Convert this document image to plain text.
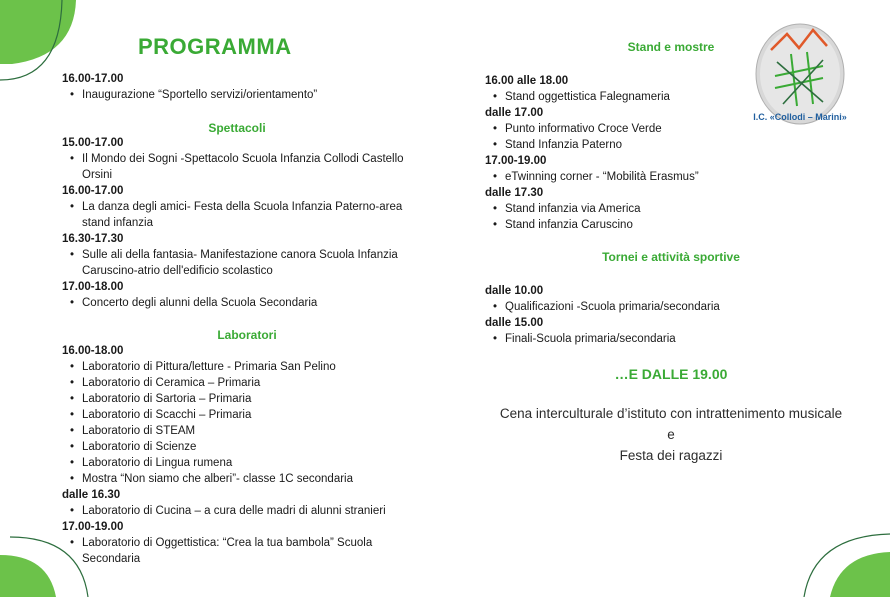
I.C. «Collodi – Marini»
PROGRAMMA
16.00-17.00
• Inaugurazione “Sportello servizi/orientamento”
Spettacoli
15.00-17.00
• Il Mondo dei Sogni -Spettacolo Scuola Infanzia Collodi Castello Orsini
16.00-17.00
• La danza degli amici- Festa della Scuola Infanzia Paterno-area stand infanzia
16.30-17.30
• Sulle ali della fantasia- Manifestazione canora Scuola Infanzia Caruscino-atrio dell'edificio scolastico
17.00-18.00
• Concerto degli alunni della Scuola Secondaria
Laboratori
16.00-18.00
• Laboratorio di Pittura/letture - Primaria San Pelino
• Laboratorio di Ceramica – Primaria
• Laboratorio di Sartoria – Primaria
• Laboratorio di Scacchi – Primaria
• Laboratorio di STEAM
• Laboratorio di Scienze
• Laboratorio di Lingua rumena
• Mostra “Non siamo che alberi”- classe 1C secondaria
dalle 16.30
• Laboratorio di Cucina – a cura delle madri di alunni stranieri
17.00-19.00
• Laboratorio di Oggettistica: “Crea la tua bambola” Scuola Secondaria
Stand e mostre
16.00 alle 18.00
• Stand oggettistica Falegnameria
dalle 17.00
• Punto informativo Croce Verde
• Stand Infanzia Paterno
17.00-19.00
• eTwinning corner - “Mobilità Erasmus”
dalle 17.30
• Stand infanzia via America
• Stand infanzia Caruscino
Tornei e attività sportive
dalle 10.00
• Qualificazioni -Scuola primaria/secondaria
dalle 15.00
• Finali-Scuola primaria/secondaria
…E DALLE 19.00
Cena interculturale d’istituto con intrattenimento musicale
e
Festa dei ragazzi
